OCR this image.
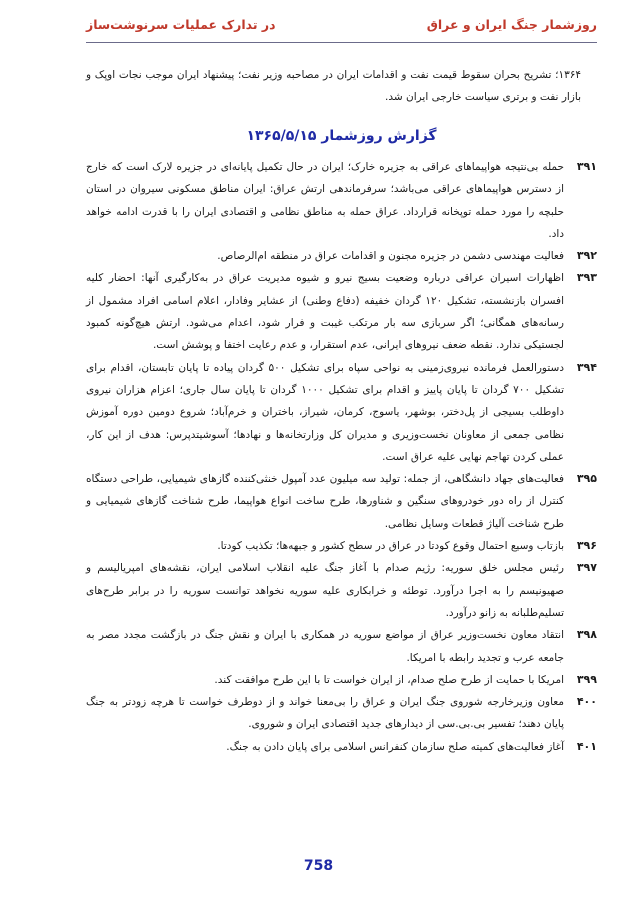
روزشمار جنگ ایران و عراق
در تدارک عملیات سرنوشت‌ساز
۱۳۶۴؛ تشریح بحران سقوط قیمت نفت و اقدامات ایران در مصاحبه وزیر نفت؛ پیشنهاد ایران موجب نجات اوپک و بازار نفت و برتری سیاست خارجی ایران شد.
گزارش روزشمار ۱۳۶۵/۵/۱۵
۳۹۱
حمله بی‌نتیجه هواپیماهای عراقی به جزیره خارک؛ ایران در حال تکمیل پایانه‌ای در جزیره لارک است که خارج از دسترس هواپیماهای عراقی می‌باشد؛ سرفرماندهی ارتش عراق: ایران مناطق مسکونی سیروان در استان حلبچه را مورد حمله توپخانه قرارداد. عراق حمله به مناطق نظامی و اقتصادی ایران را با قدرت ادامه خواهد داد.
۳۹۲
فعالیت مهندسی دشمن در جزیره مجنون و اقدامات عراق در منطقه ام‌الرصاص.
۳۹۳
اظهارات اسیران عراقی درباره وضعیت بسیج نیرو و شیوه مدیریت عراق در به‌کارگیری آنها: احضار کلیه افسران بازنشسته، تشکیل ۱۲۰ گردان خفیفه (دفاع وطنی) از عشایر وفادار، اعلام اسامی افراد مشمول از رسانه‌های همگانی؛ اگر سربازی سه بار مرتکب غیبت و فرار شود، اعدام می‌شود. ارتش هیچ‌گونه کمبود لجستیکی ندارد. نقطه ضعف نیروهای ایرانی، عدم استقرار، و عدم رعایت اختفا و پوشش است.
۳۹۴
دستورالعمل فرمانده نیروی‌زمینی به نواحی سپاه برای تشکیل ۵۰۰ گردان پیاده تا پایان تابستان، اقدام برای تشکیل ۷۰۰ گردان تا پایان پاییز و اقدام برای تشکیل ۱۰۰۰ گردان تا پایان سال جاری؛ اعزام هزاران نیروی داوطلب بسیجی از پل‌دختر، بوشهر، یاسوج، کرمان، شیراز، باختران و خرم‌آباد؛ شروع دومین دوره آموزش نظامی جمعی از معاونان نخست‌وزیری و مدیران کل وزارتخانه‌ها و نهادها؛ آسوشیتدپرس: هدف از این کار، عملی کردن تهاجم نهایی علیه عراق است.
۳۹۵
فعالیت‌های جهاد دانشگاهی، از جمله: تولید سه میلیون عدد آمپول خنثی‌کننده گازهای شیمیایی، طراحی دستگاه کنترل از راه دور خودروهای سنگین و شناورها، طرح ساخت انواع هواپیما، طرح شناخت گازهای شیمیایی و طرح شناخت آلیاژ قطعات وسایل نظامی.
۳۹۶
بازتاب وسیع احتمال وقوع کودتا در عراق در سطح کشور و جبهه‌ها؛ تکذیب کودتا.
۳۹۷
رئیس مجلس خلق سوریه: رژیم صدام با آغاز جنگ علیه انقلاب اسلامی ایران، نقشه‌های امپریالیسم و صهیونیسم را به اجرا درآورد. توطئه و خرابکاری علیه سوریه نخواهد توانست سوریه را در برابر طرح‌های تسلیم‌طلبانه به زانو درآورد.
۳۹۸
انتقاد معاون نخست‌وزیر عراق از مواضع سوریه در همکاری با ایران و نقش جنگ در بازگشت مجدد مصر به جامعه عرب و تجدید رابطه با امریکا.
۳۹۹
امریکا با حمایت از طرح صلح صدام، از ایران خواست تا با این طرح موافقت کند.
۴۰۰
معاون وزیرخارجه شوروی جنگ ایران و عراق را بی‌معنا خواند و از دوطرف خواست تا هرچه زودتر به جنگ پایان دهند؛ تفسیر بی.بی.سی از دیدارهای جدید اقتصادی ایران و شوروی.
۴۰۱
آغاز فعالیت‌های کمیته صلح سازمان کنفرانس اسلامی برای پایان دادن به جنگ.
758
